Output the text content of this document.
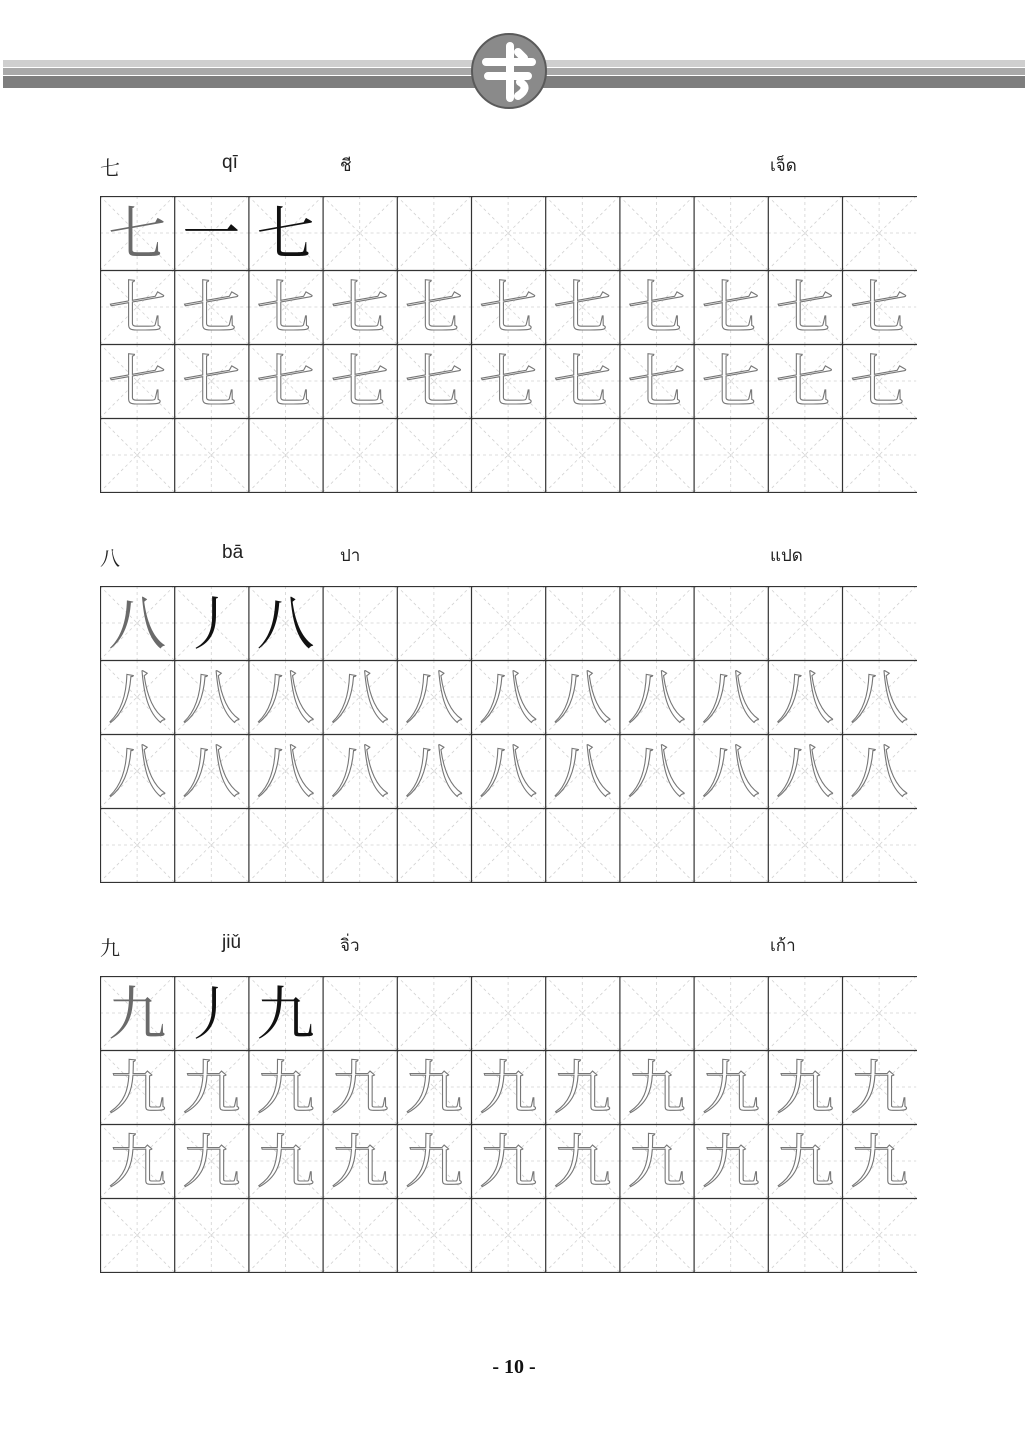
七	qī	ชี	เจ็ด
七 一 七
七 七 七 七 七 七 七 七 七 七 七
七 七 七 七 七 七 七 七 七 七 七
八	bā	ปา	แปด
八 丿 八
八 八 八 八 八 八 八 八 八 八 八
八 八 八 八 八 八 八 八 八 八 八
九	jiǔ	จิ่ว	เก้า
九 丿 九
九 九 九 九 九 九 九 九 九 九 九
九 九 九 九 九 九 九 九 九 九 九
- 10 -
